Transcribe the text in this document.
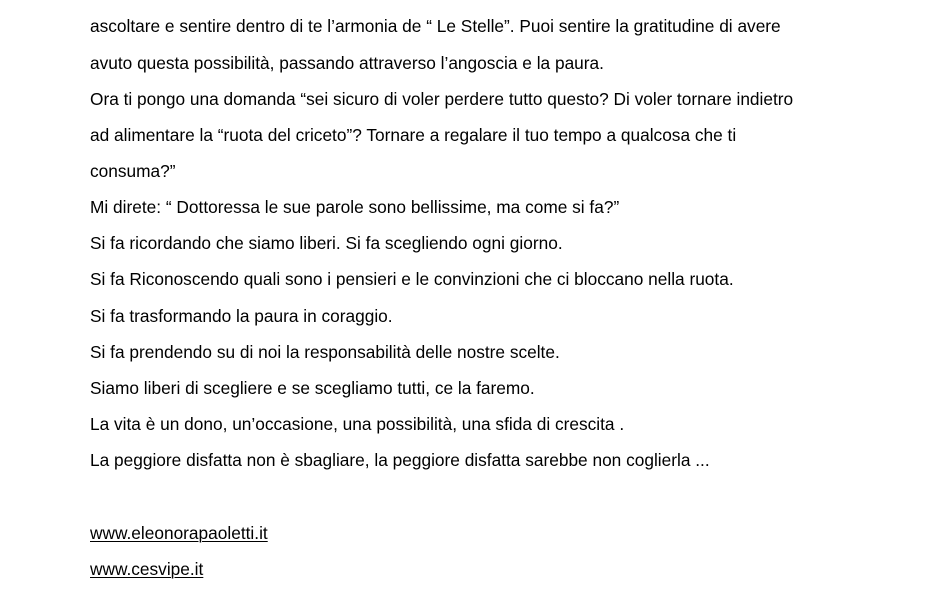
ascoltare e sentire dentro di te l’armonia de “ Le Stelle”. Puoi sentire la gratitudine di avere
avuto questa possibilità, passando attraverso l’angoscia e la paura.
Ora ti pongo una domanda “sei sicuro di voler perdere tutto questo? Di voler tornare indietro
ad alimentare la “ruota del criceto”? Tornare a regalare il tuo tempo a qualcosa che ti
consuma?”
Mi direte: “ Dottoressa le sue parole sono bellissime, ma come si fa?”
Si fa ricordando che siamo liberi. Si fa scegliendo ogni giorno.
Si fa Riconoscendo quali sono i pensieri e le convinzioni che ci bloccano nella ruota.
Si fa trasformando la paura in coraggio.
Si fa prendendo su di noi la responsabilità delle nostre scelte.
Siamo liberi di scegliere e se scegliamo tutti, ce la faremo.
La vita è un dono, un’occasione, una possibilità, una sfida di crescita .
La peggiore disfatta non è sbagliare, la peggiore disfatta sarebbe non coglierla ...
www.eleonorapaoletti.it
www.cesvipe.it
